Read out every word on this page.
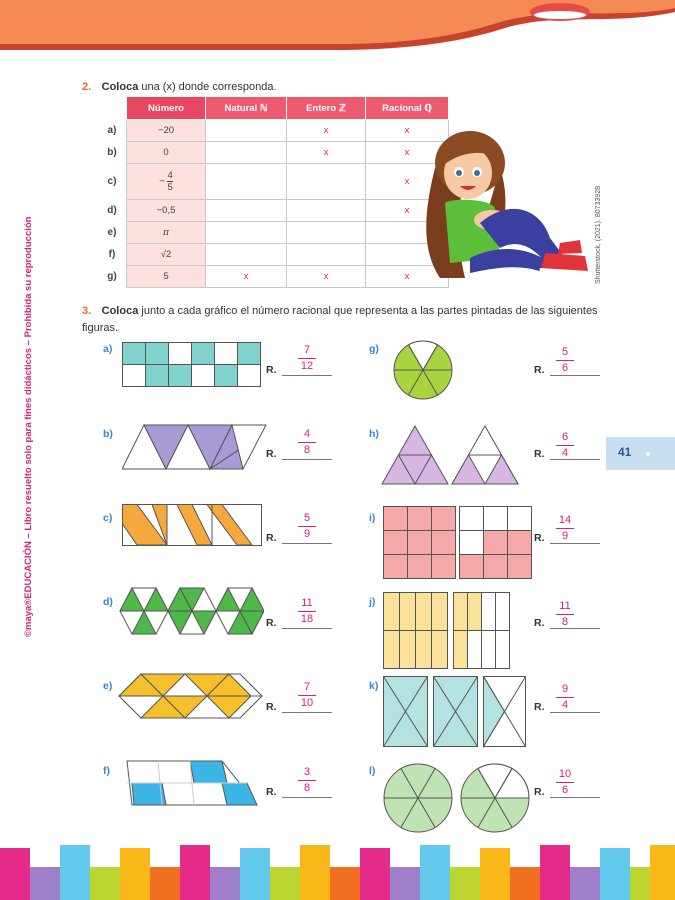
©maya®EDUCACIÓN – Libro resuelto solo para fines didácticos – Prohibida su reproducción	Shutterstock, (2021). 80733928
2. Coloca una (x) donde corresponda.
	Número	Natural ℕ	Entero ℤ	Racional ℚ
a)	−20		x	x
b)	0		x	x
c)	− $\frac{4}{5}$			x
d)	−0,5			x
e)	π			
f)	√2			
g)	5	x	x	x
3. Coloca junto a cada gráfico el número racional que representa a las partes pintadas de las siguientes figuras.
a)
b)
c)
d)
e)
f)
g)
h)
i)
j)
k)
l)
R.
7
12
R.
4
8
R.
5
9
R.
11
18
R.
7
10
R.
3
8
R.
5
6
R.
6
4
R.
14
9
R.
11
8
R.
9
4
R.
10
6
41
